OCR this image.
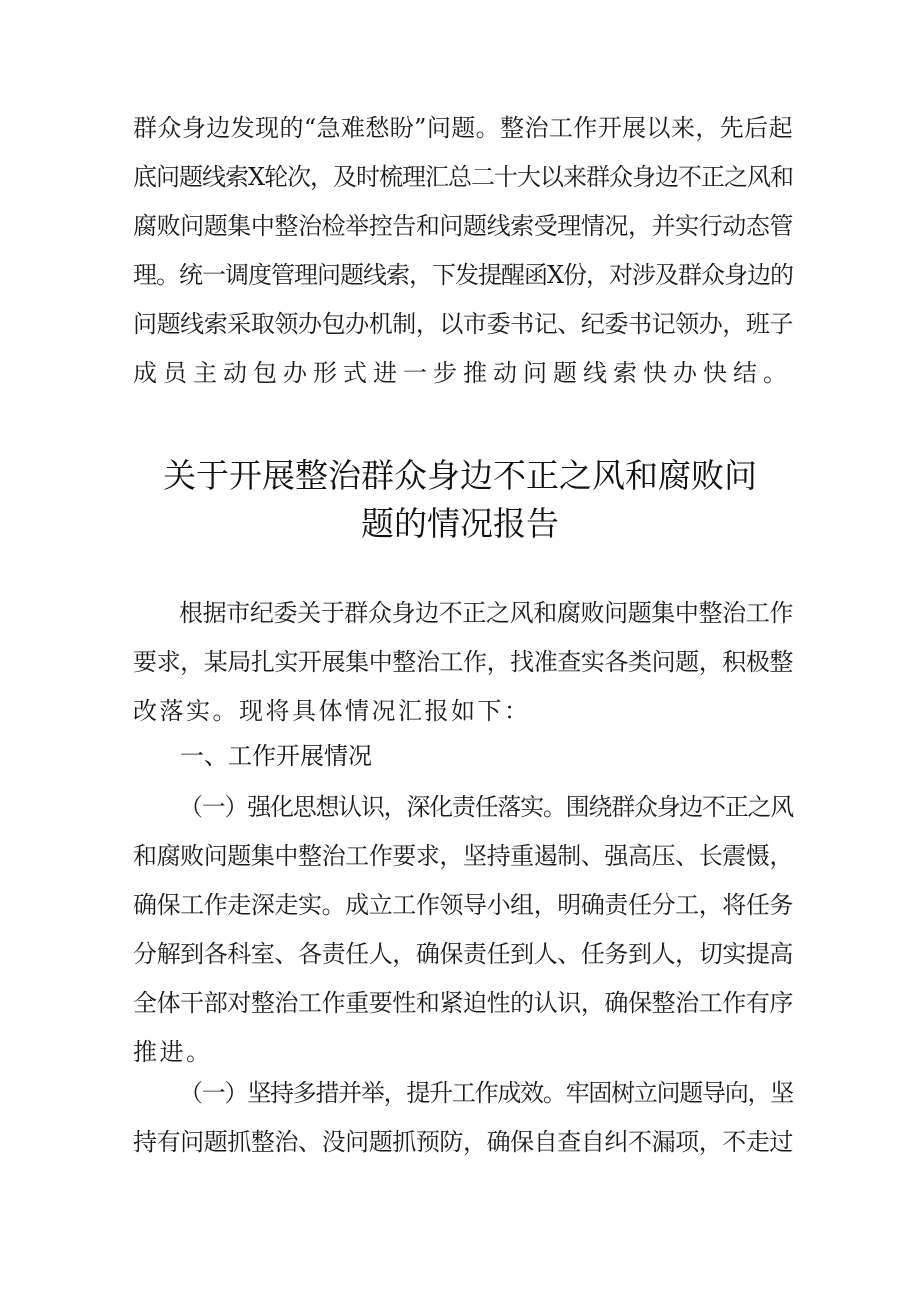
群众身边发现的“急难愁盼”问题。整治工作开展以来，先后起
底问题线索X轮次，及时梳理汇总二十大以来群众身边不正之风和
腐败问题集中整治检举控告和问题线索受理情况，并实行动态管
理。统一调度管理问题线索，下发提醒函X份，对涉及群众身边的
问题线索采取领办包办机制，以市委书记、纪委书记领办，班子
成员主动包办形式进一步推动问题线索快办快结。
关于开展整治群众身边不正之风和腐败问
题的情况报告
根据市纪委关于群众身边不正之风和腐败问题集中整治工作
要求，某局扎实开展集中整治工作，找准查实各类问题，积极整
改落实。现将具体情况汇报如下：
一、工作开展情况
（一）强化思想认识，深化责任落实。围绕群众身边不正之风
和腐败问题集中整治工作要求，坚持重遏制、强高压、长震慑，
确保工作走深走实。成立工作领导小组，明确责任分工，将任务
分解到各科室、各责任人，确保责任到人、任务到人，切实提高
全体干部对整治工作重要性和紧迫性的认识，确保整治工作有序
推进。
（一）坚持多措并举，提升工作成效。牢固树立问题导向，坚
持有问题抓整治、没问题抓预防，确保自查自纠不漏项，不走过
